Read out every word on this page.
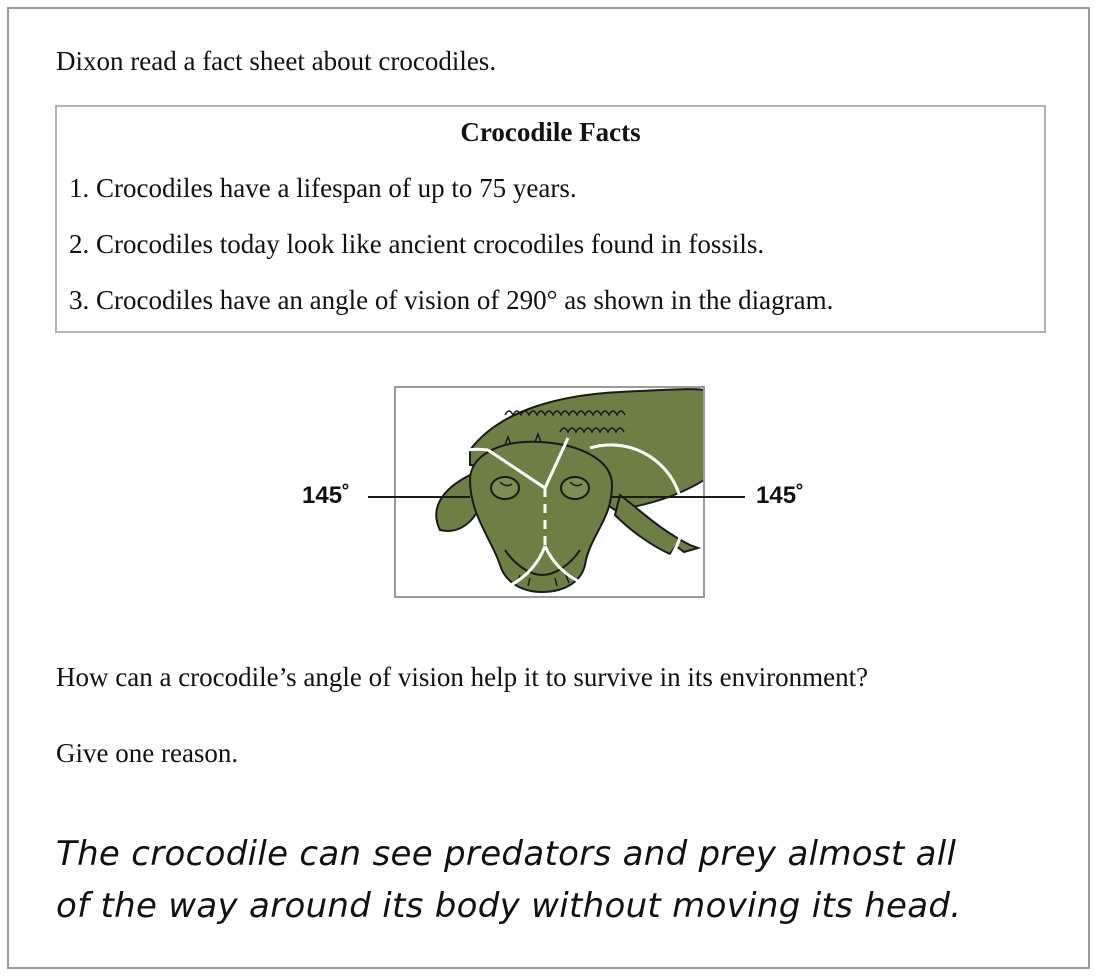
Dixon read a fact sheet about crocodiles.
Crocodile Facts
1. Crocodiles have a lifespan of up to 75 years.
2. Crocodiles today look like ancient crocodiles found in fossils.
3. Crocodiles have an angle of vision of 290° as shown in the diagram.
145˚	145˚
How can a crocodile’s angle of vision help it to survive in its environment?
Give one reason.
The crocodile can see predators and prey almost all
of the way around its body without moving its head.
